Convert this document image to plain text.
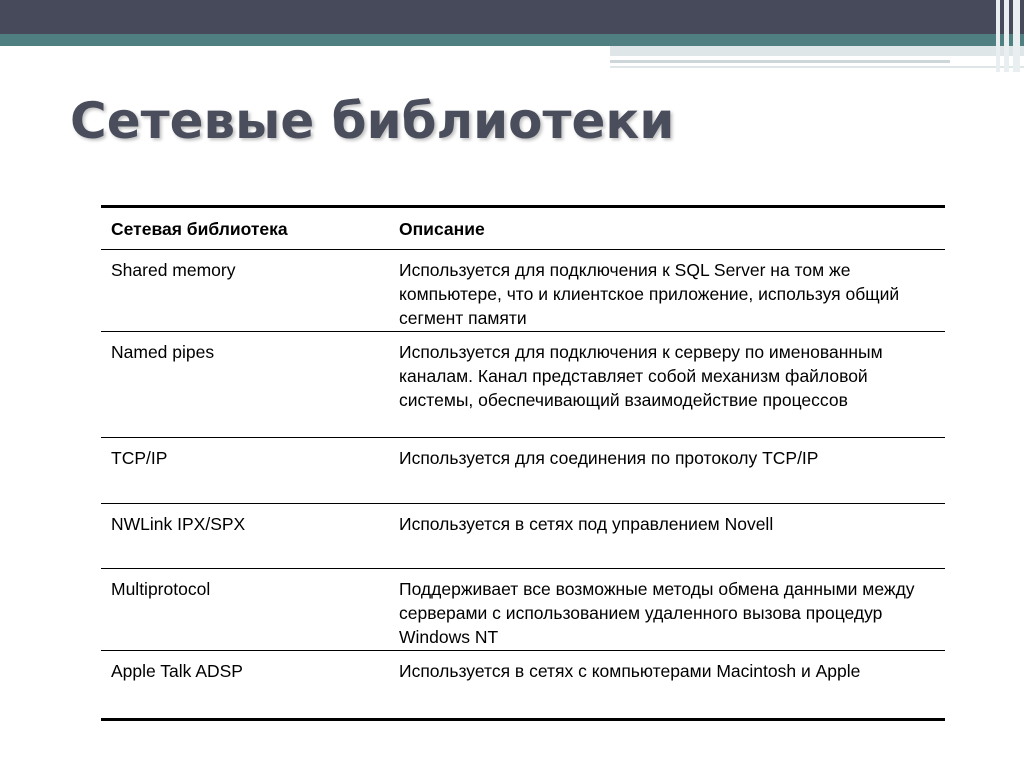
Сетевые библиотеки
Сетевая библиотека	Описание
Shared memory	Используется для подключения к SQL Server на том же компьютере, что и клиентское приложение, используя общий сегмент памяти
Named pipes	Используется для подключения к серверу по именованным каналам. Канал представляет собой механизм файловой системы, обеспечивающий взаимодействие процессов
TCP/IP	Используется для соединения по протоколу TCP/IP
NWLink IPX/SPX	Используется в сетях под управлением Novell
Multiprotocol	Поддерживает все возможные методы обмена данными между серверами с использованием удаленного вызова процедур Windows NT
Apple Talk ADSP	Используется в сетях с компьютерами Macintosh и Apple
